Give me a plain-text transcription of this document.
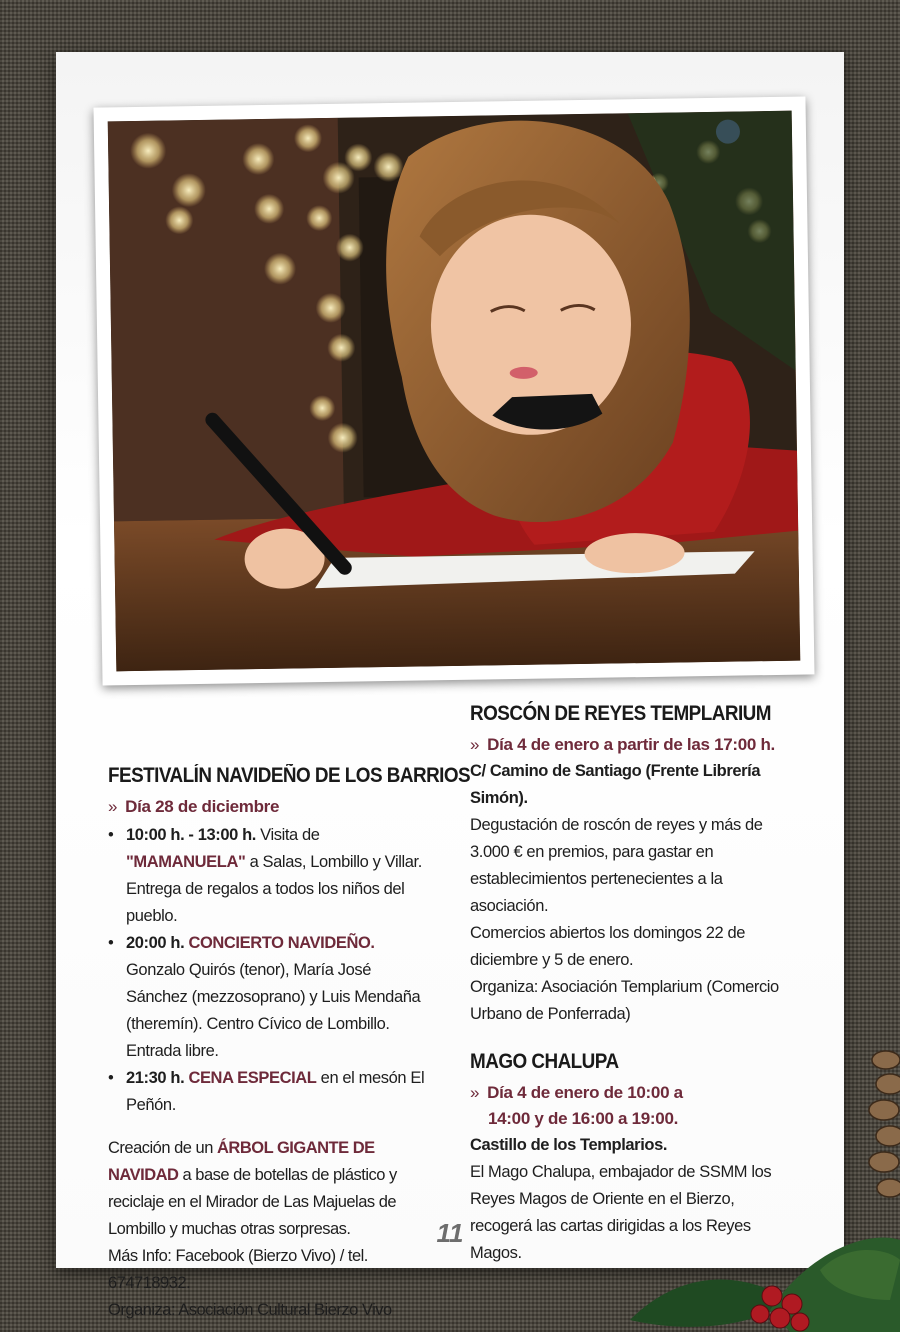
FESTIVALÍN NAVIDEÑO DE LOS BARRIOS
» Día 28 de diciembre
• 10:00 h. - 13:00 h. Visita de "MAMANUELA" a Salas, Lombillo y Villar. Entrega de regalos a todos los niños del pueblo.
• 20:00 h. CONCIERTO NAVIDEÑO. Gonzalo Quirós (tenor), María José Sánchez (mezzosoprano) y Luis Mendaña (theremín). Centro Cívico de Lombillo. Entrada libre.
• 21:30 h. CENA ESPECIAL en el mesón El Peñón.
Creación de un ÁRBOL GIGANTE DE NAVIDAD a base de botellas de plástico y reciclaje en el Mirador de Las Majuelas de Lombillo y muchas otras sorpresas.
Más Info: Facebook (Bierzo Vivo) / tel. 674718932.
Organiza: Asociación Cultural Bierzo Vivo
ROSCÓN DE REYES TEMPLARIUM
» Día 4 de enero a partir de las 17:00 h.
C/ Camino de Santiago (Frente Librería Simón).
Degustación de roscón de reyes y más de 3.000 € en premios, para gastar en establecimientos pertenecientes a la asociación.
Comercios abiertos los domingos 22 de diciembre y 5 de enero.
Organiza: Asociación Templarium (Comercio Urbano de Ponferrada)
MAGO CHALUPA
» Día 4 de enero de 10:00 a
14:00 y de 16:00 a 19:00.
Castillo de los Templarios.
El Mago Chalupa, embajador de SSMM los Reyes Magos de Oriente en el Bierzo, recogerá las cartas dirigidas a los Reyes Magos.
11
